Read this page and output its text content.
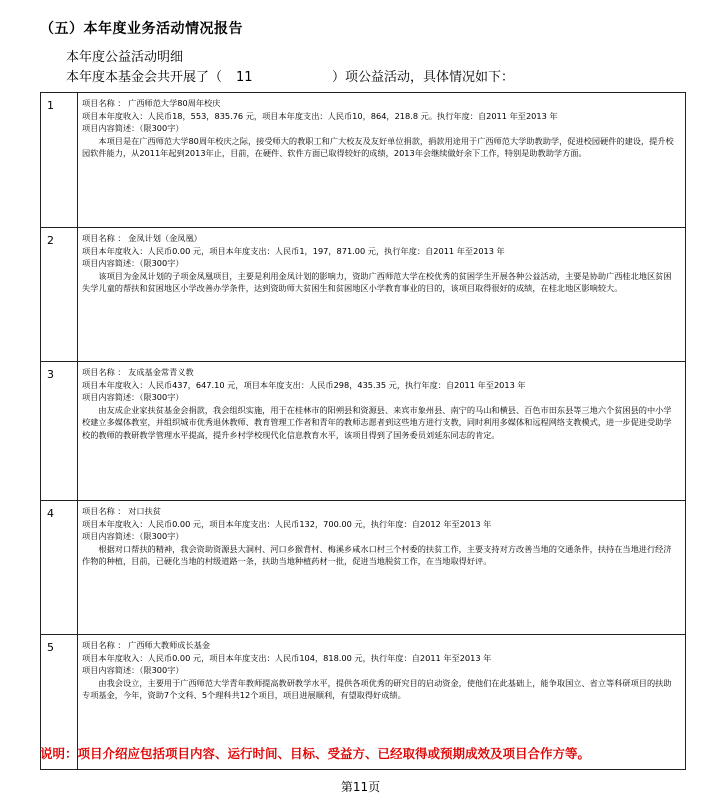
（五）本年度业务活动情况报告
本年度公益活动明细
本年度本基金会共开展了（ 11	）项公益活动，具体情况如下：
1	项目名称 ： 广西师范大学80周年校庆
项目本年度收入：人民币18，553，835.76 元，项目本年度支出：人民币10，864，218.8 元。执行年度：自2011 年至2013 年
项目内容简述：（限300字）

本项目是在广西师范大学80周年校庆之际，接受师大的教职工和广大校友及友好单位捐款，捐款用途用于广西师范大学助教助学，促进校园硬件的建设，提升校园软件能力，从2011年起到2013年止，目前，在硬件、软件方面已取得较好的成绩，2013年会继续做好余下工作，特别是助教助学方面。

2	项目名称 ： 金凤计划（金凤凰）
项目本年度收入：人民币0.00 元，项目本年度支出：人民币1，197，871.00 元，执行年度：自2011 年至2013 年
项目内容简述：（限300字）

该项目为金凤计划的子项金凤凰项目，主要是利用金凤计划的影响力，资助广西师范大学在校优秀的贫困学生开展各种公益活动，主要是协助广西桂北地区贫困失学儿童的帮扶和贫困地区小学改善办学条件，达到资助师大贫困生和贫困地区小学教育事业的目的，该项目取得很好的成绩，在桂北地区影响较大。

3	项目名称 ： 友成基金常青义教
项目本年度收入：人民币437，647.10 元，项目本年度支出：人民币298，435.35 元，执行年度：自2011 年至2013 年
项目内容简述：（限300字）

由友成企业家扶贫基金会捐款，我会组织实施，用于在桂林市的阳朔县和资源县、来宾市象州县、南宁的马山和横县、百色市田东县等三地六个贫困县的中小学校建立多媒体教室，并组织城市优秀退休教师、教育管理工作者和青年的教师志愿者到这些地方进行支教，同时利用多媒体和远程网络支教模式，进一步促进受助学校的教师的教研教学管理水平提高，提升乡村学校现代化信息教育水平，该项目得到了国务委员刘延东同志的肯定。

4	项目名称 ： 对口扶贫
项目本年度收入：人民币0.00 元，项目本年度支出：人民币132，700.00 元，执行年度：自2012 年至2013 年
项目内容简述：（限300字）

根据对口帮扶的精神，我会资助资源县大洞村、河口乡猴背村、梅溪乡咸水口村三个村委的扶贫工作，主要支持对方改善当地的交通条件，扶持在当地进行经济作物的种植，目前，已硬化当地的村级道路一条，扶助当地种植药材一批，促进当地脱贫工作，在当地取得好评。

5	项目名称 ： 广西师大教师成长基金
项目本年度收入：人民币0.00 元，项目本年度支出：人民币104，818.00 元，执行年度：自2011 年至2013 年
项目内容简述：（限300字）

由我会设立，主要用于广西师范大学青年教师提高教研教学水平，提供各项优秀的研究目的启动资金，使他们在此基础上，能争取国立、省立等科研项目的扶助专项基金，今年，资助7个文科、5个理科共12个项目，项目进展顺利，有望取得好成绩。

说明：项目介绍应包括项目内容、运行时间、目标、受益方、已经取得或预期成效及项目合作方等。
第11页
